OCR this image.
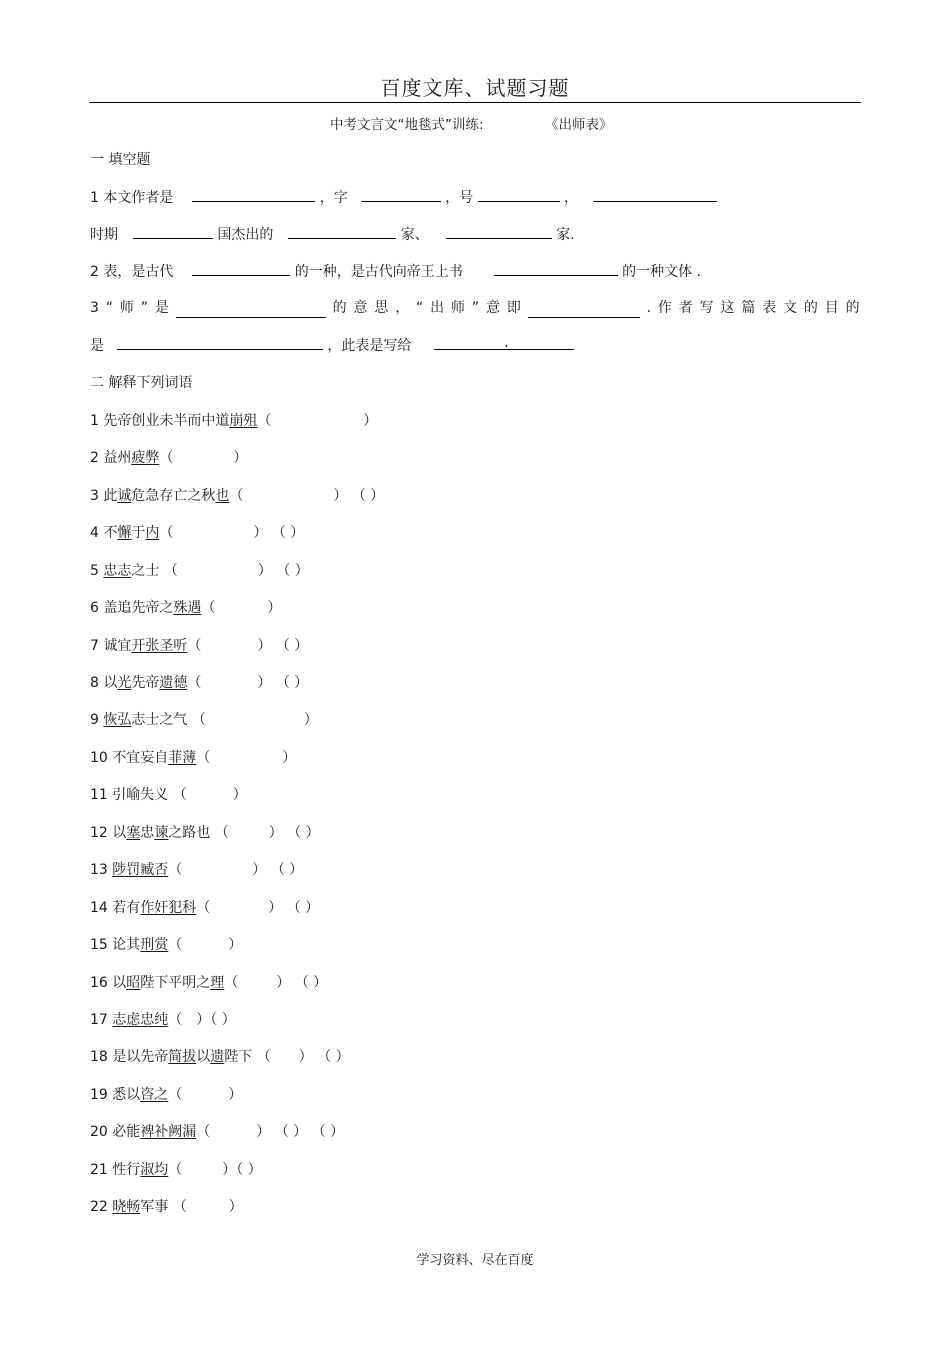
百度文库、试题习题
中考文言文“地毯式”训练:	《出师表》
一 填空题
1 本文作者是	，字	，号	，
时期	国杰出的	家、	家.
2 表，是古代	的一种，是古代向帝王上书	的一种文体 .
3 “ 师 ” 是	的 意 思 ， “ 出 师 ” 意 即	. 作 者 写 这 篇 表 文 的 目 的
是	，此表是写给	.
二 解释下列词语
1 先帝创业未半而中道崩殂（	）
2 益州疲弊（	）
3 此诚危急存亡之秋也（	） （ ）
4 不懈于内（	） （ ）
5 忠志之士 （	） （ ）
6 盖追先帝之殊遇（	）
7 诚宜开张圣听（	） （ ）
8 以光先帝遗德（	） （ ）
9 恢弘志士之气 （	）
10 不宜妄自菲薄（	）
11 引喻失义 （	）
12 以塞忠谏之路也 （	） （ ）
13 陟罚臧否（	） （ ）
14 若有作奸犯科（	） （ ）
15 论其刑赏（	）
16 以昭陛下平明之理（	） （ ）
17 志虑忠纯（ ）（ ）
18 是以先帝简拔以遗陛下 （ ） （ ）
19 悉以咨之（	）
20 必能裨补阙漏（	） （ ） （ ）
21 性行淑均（	）（ ）
22 晓畅军事 （	）
学习资料、尽在百度
